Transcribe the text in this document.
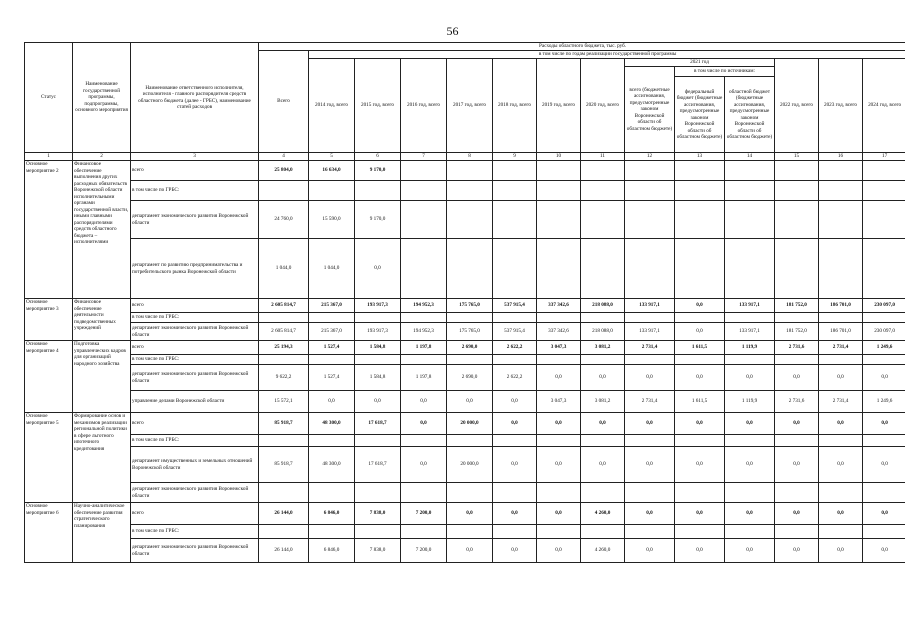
56
Статус	Наименование государственной программы, подпрограммы, основного мероприятия	Наименование ответственного исполнителя, исполнителя - главного распорядителя средств областного бюджета (далее - ГРБС), наименование статей расходов	Расходы областного бюджета, тыс. руб.													
			Всего	в том числе по годам реализации государственной программы												
				2014 год, всего	2015 год, всего	2016 год, всего	2017 год, всего	2018 год, всего	2019 год, всего	2020 год, всего	2021 год			2022 год, всего	2023 год, всего	2024 год, всего
											всего (бюджетные ассигнования, предусмотренные законом Воронежской области об областном бюджете)	в том числе по источникам:				
												федеральный бюджет (бюджетные ассигнования, предусмотренные законом Воронежской области об областном бюджете)	областной бюджет (бюджетные ассигнования, предусмотренные законом Воронежской области об областном бюджете)			
1	2	3	4	5	6	7	8	9	10	11	12	13	14	15	16	17
Основное мероприятие 2	Финансовое обеспечение выполнения других расходных обязательств Воронежской области исполнительными органами государственной власти, иными главными распорядителями средств областного бюджета – исполнителями	всего	25 804,0	16 634,0	9 170,0											
		в том числе по ГРБС:														
		департамент экономического развития Воронежской области	24 760,0	15 590,0	9 170,0											
		департамент по развитию предпринимательства и потребительского рынка Воронежской области	1 044,0	1 044,0	0,0											
Основное мероприятие 3	Финансовое обеспечение деятельности подведомственных учреждений	всего	2 605 814,7	215 367,0	193 917,3	194 952,3	175 765,0	537 915,4	337 342,6	218 088,0	133 917,1	0,0	133 917,1	181 752,0	186 701,0	230 097,0
		в том числе по ГРБС:														
		департамент экономического развития Воронежской области	2 605 814,7	215 367,0	193 917,3	194 952,3	175 765,0	537 915,4	337 342,6	218 088,0	133 917,1	0,0	133 917,1	181 752,0	186 701,0	230 097,0
Основное мероприятие 4	Подготовка управленческих кадров для организаций народного хозяйства	всего	25 194,3	1 527,4	1 584,8	1 197,8	2 690,0	2 622,2	3 047,3	3 081,2	2 731,4	1 611,5	1 119,9	2 731,6	2 731,4	1 249,6
		в том числе по ГРБС:														
		департамент экономического развития Воронежской области	9 622,2	1 527,4	1 584,8	1 197,8	2 690,0	2 622,2	0,0	0,0	0,0	0,0	0,0	0,0	0,0	0,0
		управление делами Воронежской области	15 572,1	0,0	0,0	0,0	0,0	0,0	3 047,3	3 081,2	2 731,4	1 611,5	1 119,9	2 731,6	2 731,4	1 249,6
Основное мероприятие 5	Формирование основ и механизмов реализации региональной политики в сфере льготного ипотечного кредитования	всего	85 918,7	48 300,0	17 618,7	0,0	20 000,0	0,0	0,0	0,0	0,0	0,0	0,0	0,0	0,0	0,0
		в том числе по ГРБС:														
		департамент имущественных и земельных отношений Воронежской области	85 918,7	48 300,0	17 618,7	0,0	20 000,0	0,0	0,0	0,0	0,0	0,0	0,0	0,0	0,0	0,0
		департамент экономического развития Воронежской области														
Основное мероприятие 6	Научно-аналитическое обеспечение развития стратегического планирования	всего	26 144,0	6 846,0	7 838,0	7 200,0	0,0	0,0	0,0	4 260,0	0,0	0,0	0,0	0,0	0,0	0,0
		в том числе по ГРБС:														
		департамент экономического развития Воронежской области	26 144,0	6 846,0	7 838,0	7 200,0	0,0	0,0	0,0	4 260,0	0,0	0,0	0,0	0,0	0,0	0,0
